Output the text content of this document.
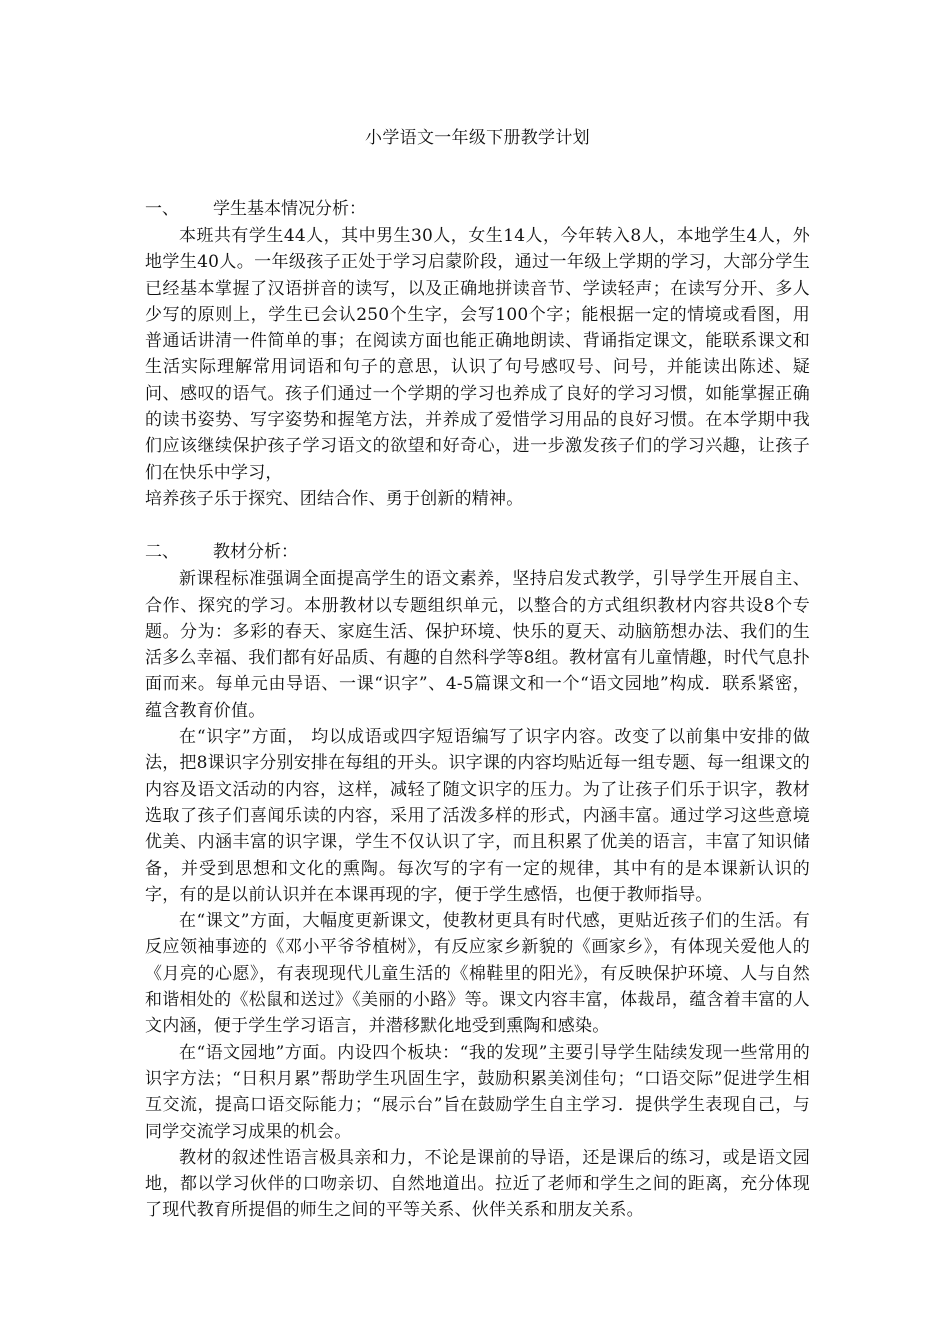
小学语文一年级下册教学计划
一、 学生基本情况分析：

本班共有学生44人，其中男生30人，女生14人，今年转入8人，本地学生4人，外地学生40人。一年级孩子正处于学习启蒙阶段，通过一年级上学期的学习，大部分学生已经基本掌握了汉语拼音的读写，以及正确地拼读音节、学读轻声；在读写分开、多人少写的原则上，学生已会认250个生字，会写100个字；能根据一定的情境或看图，用普通话讲清一件简单的事；在阅读方面也能正确地朗读、背诵指定课文，能联系课文和生活实际理解常用词语和句子的意思，认识了句号感叹号、问号，并能读出陈述、疑问、感叹的语气。孩子们通过一个学期的学习也养成了良好的学习习惯，如能掌握正确的读书姿势、写字姿势和握笔方法，并养成了爱惜学习用品的良好习惯。在本学期中我们应该继续保护孩子学习语文的欲望和好奇心，进一步激发孩子们的学习兴趣，让孩子们在快乐中学习，
培养孩子乐于探究、团结合作、勇于创新的精神。

二、 教材分析：

新课程标准强调全面提高学生的语文素养，坚持启发式教学，引导学生开展自主、合作、探究的学习。本册教材以专题组织单元，以整合的方式组织教材内容共设8个专题。分为：多彩的春天、家庭生活、保护环境、快乐的夏天、动脑筋想办法、我们的生活多么幸福、我们都有好品质、有趣的自然科学等8组。教材富有儿童情趣，时代气息扑面而来。每单元由导语、一课“识字”、4-5篇课文和一个“语文园地”构成．联系紧密，蕴含教育价值。

在“识字”方面， 均以成语或四字短语编写了识字内容。改变了以前集中安排的做法，把8课识字分别安排在每组的开头。识字课的内容均贴近每一组专题、每一组课文的内容及语文活动的内容，这样，减轻了随文识字的压力。为了让孩子们乐于识字，教材选取了孩子们喜闻乐读的内容，采用了活泼多样的形式，内涵丰富。通过学习这些意境优美、内涵丰富的识字课，学生不仅认识了字，而且积累了优美的语言，丰富了知识储备，并受到思想和文化的熏陶。每次写的字有一定的规律，其中有的是本课新认识的字，有的是以前认识并在本课再现的字，便于学生感悟，也便于教师指导。

在“课文”方面，大幅度更新课文，使教材更具有时代感，更贴近孩子们的生活。有反应领袖事迹的《邓小平爷爷植树》，有反应家乡新貌的《画家乡》，有体现关爱他人的《月亮的心愿》，有表现现代儿童生活的《棉鞋里的阳光》，有反映保护环境、人与自然和谐相处的《松鼠和送过》《美丽的小路》等。课文内容丰富，体裁昂，蕴含着丰富的人文内涵，便于学生学习语言，并潜移默化地受到熏陶和感染。

在“语文园地”方面。内设四个板块：“我的发现”主要引导学生陆续发现一些常用的识字方法；“日积月累”帮助学生巩固生字，鼓励积累美浏佳句；“口语交际”促进学生相互交流，提高口语交际能力；“展示台”旨在鼓励学生自主学习．提供学生表现自己，与同学交流学习成果的机会。

教材的叙述性语言极具亲和力，不论是课前的导语，还是课后的练习，或是语文园地，都以学习伙伴的口吻亲切、自然地道出。拉近了老师和学生之间的距离，充分体现了现代教育所提倡的师生之间的平等关系、伙伴关系和朋友关系。
